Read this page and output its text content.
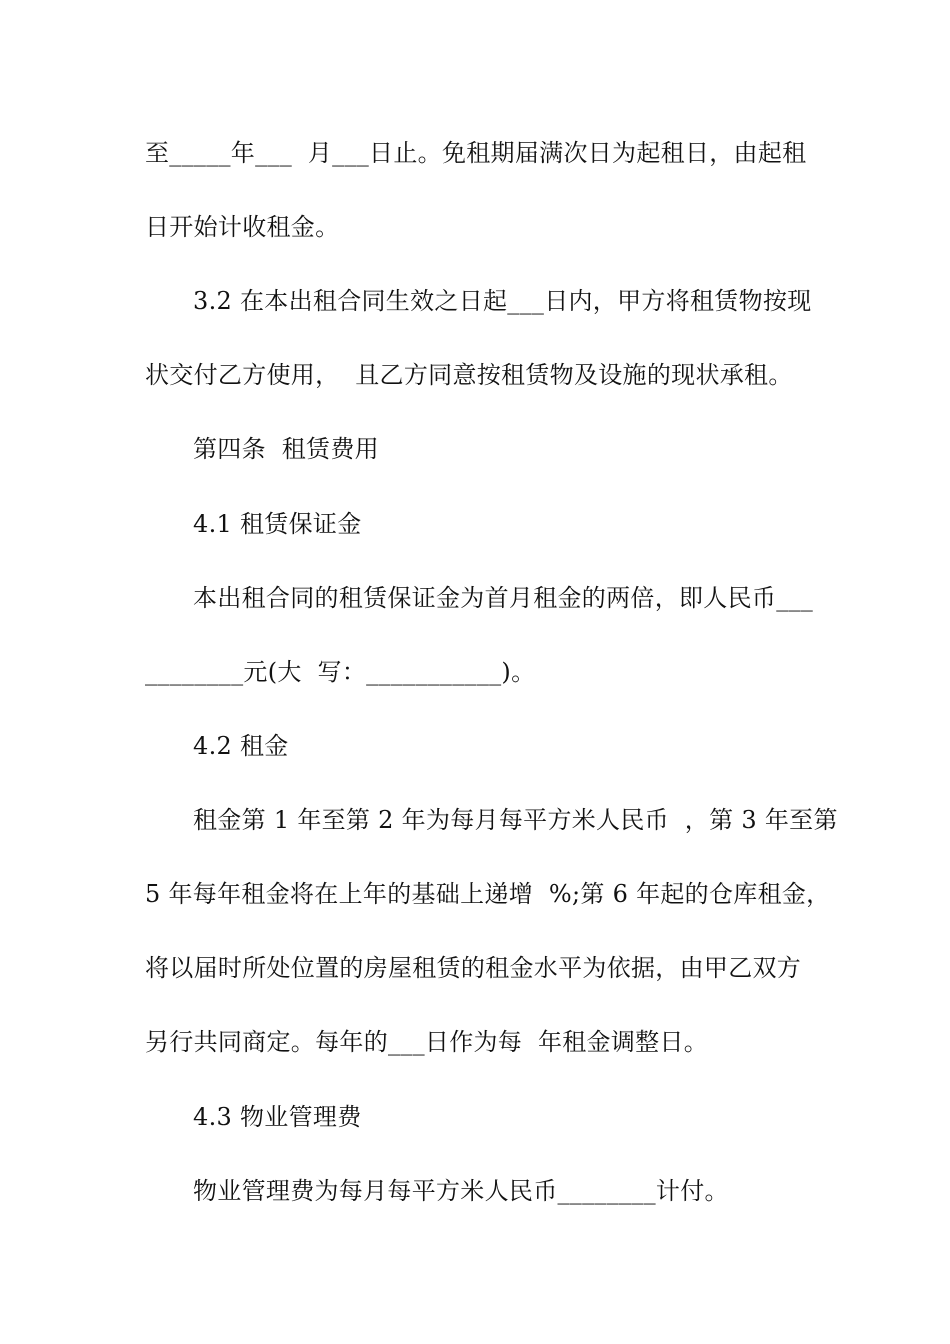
至_____年___  月___日止。免租期届满次日为起租日，由起租
日开始计收租金。
3.2 在本出租合同生效之日起___日内，甲方将租赁物按现
状交付乙方使用，  且乙方同意按租赁物及设施的现状承租。
第四条  租赁费用
4.1 租赁保证金
本出租合同的租赁保证金为首月租金的两倍，即人民币___
________元(大  写：___________)。
4.2 租金
租金第 1 年至第 2 年为每月每平方米人民币  ，第 3 年至第
5 年每年租金将在上年的基础上递增  %;第 6 年起的仓库租金，
将以届时所处位置的房屋租赁的租金水平为依据，由甲乙双方
另行共同商定。每年的___日作为每  年租金调整日。
4.3 物业管理费
物业管理费为每月每平方米人民币________计付。
